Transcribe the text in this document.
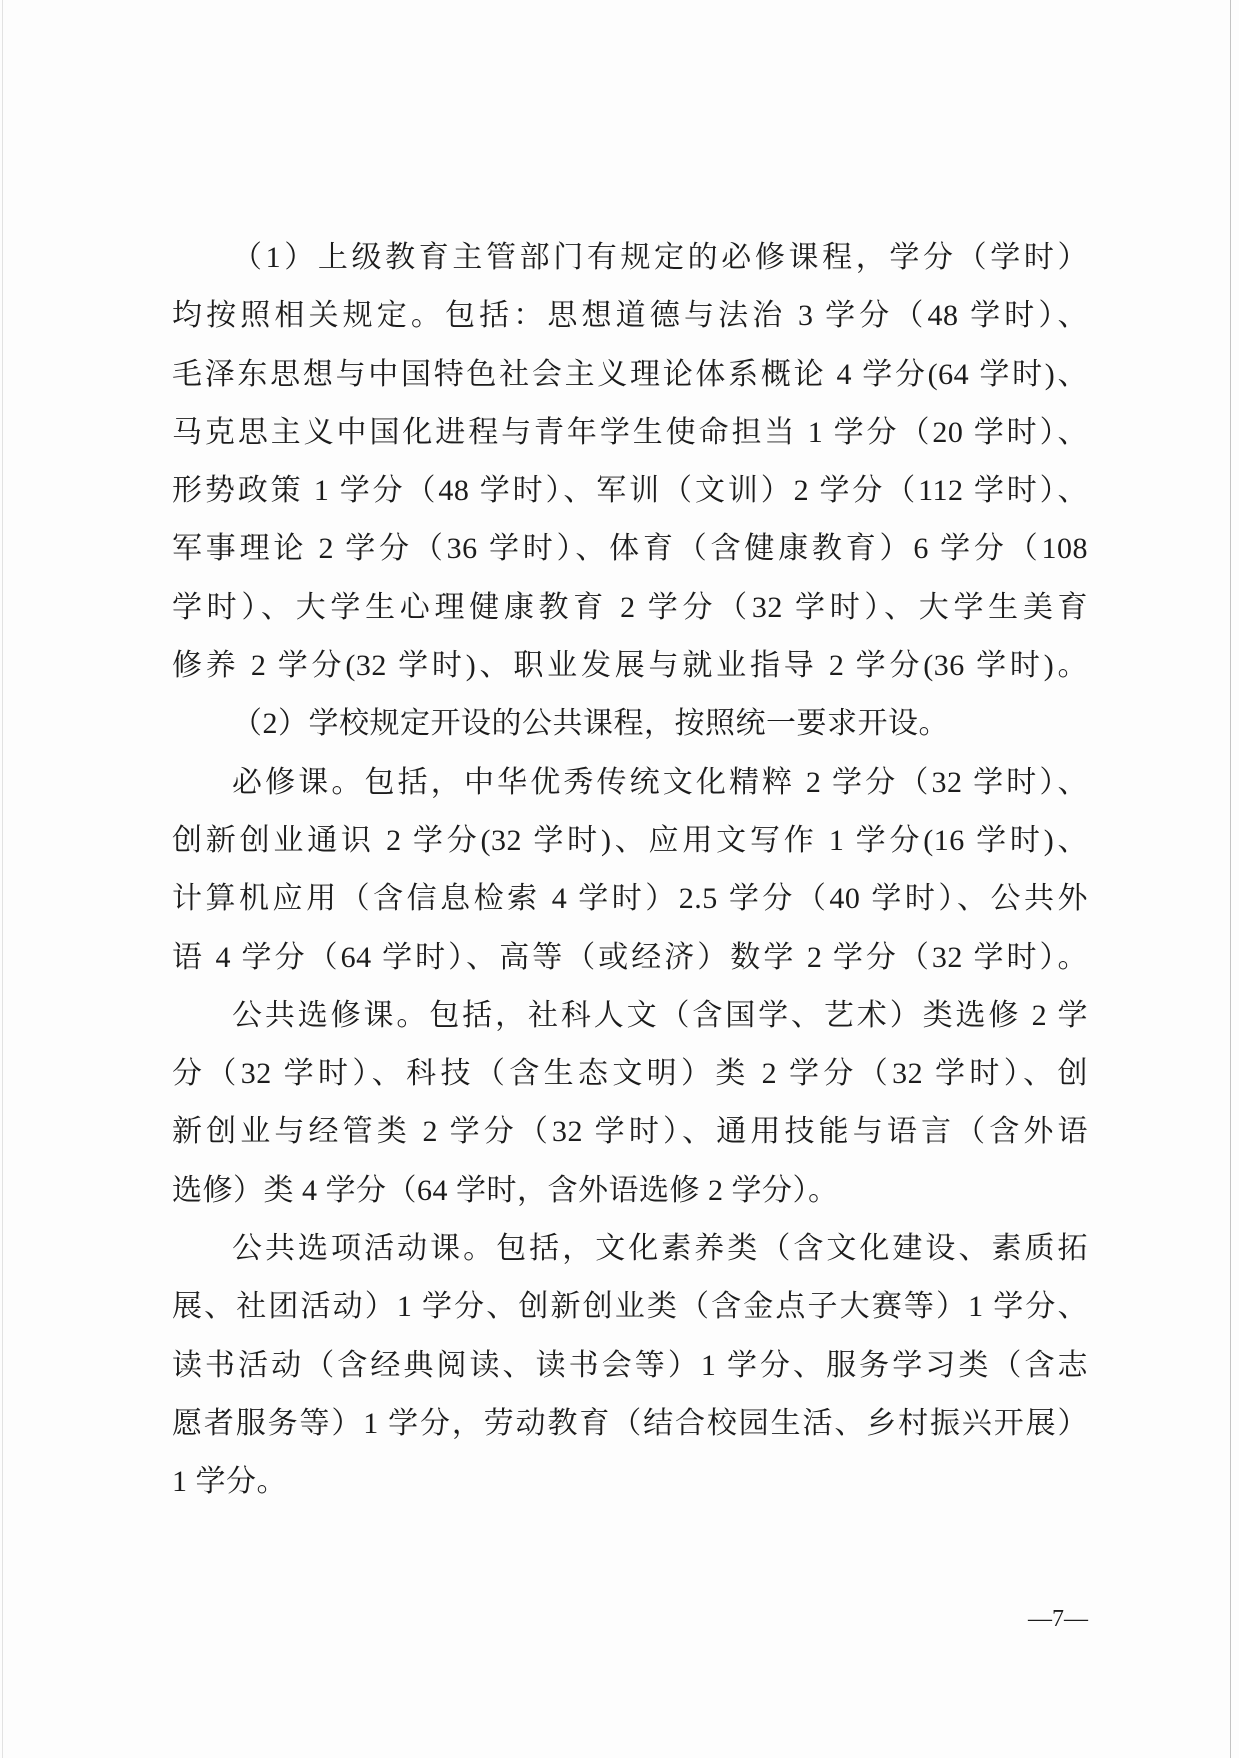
（1）上级教育主管部门有规定的必修课程，学分（学时）
均按照相关规定。包括：思想道德与法治 3 学分（48 学时）、
毛泽东思想与中国特色社会主义理论体系概论 4 学分(64 学时)、
马克思主义中国化进程与青年学生使命担当 1 学分（20 学时）、
形势政策 1 学分（48 学时）、军训（文训）2 学分（112 学时）、
军事理论 2 学分（36 学时）、体育（含健康教育）6 学分（108
学时）、大学生心理健康教育 2 学分（32 学时）、大学生美育
修养 2 学分(32 学时)、职业发展与就业指导 2 学分(36 学时)。
（2）学校规定开设的公共课程，按照统一要求开设。
必修课。包括，中华优秀传统文化精粹 2 学分（32 学时）、
创新创业通识 2 学分(32 学时)、应用文写作 1 学分(16 学时)、
计算机应用（含信息检索 4 学时）2.5 学分（40 学时）、公共外
语 4 学分（64 学时）、高等（或经济）数学 2 学分（32 学时）。
公共选修课。包括，社科人文（含国学、艺术）类选修 2 学
分（32 学时）、科技（含生态文明）类 2 学分（32 学时）、创
新创业与经管类 2 学分（32 学时）、通用技能与语言（含外语
选修）类 4 学分（64 学时，含外语选修 2 学分）。
公共选项活动课。包括，文化素养类（含文化建设、素质拓
展、社团活动）1 学分、创新创业类（含金点子大赛等）1 学分、
读书活动（含经典阅读、读书会等）1 学分、服务学习类（含志
愿者服务等）1 学分，劳动教育（结合校园生活、乡村振兴开展）
1 学分。
—7—
